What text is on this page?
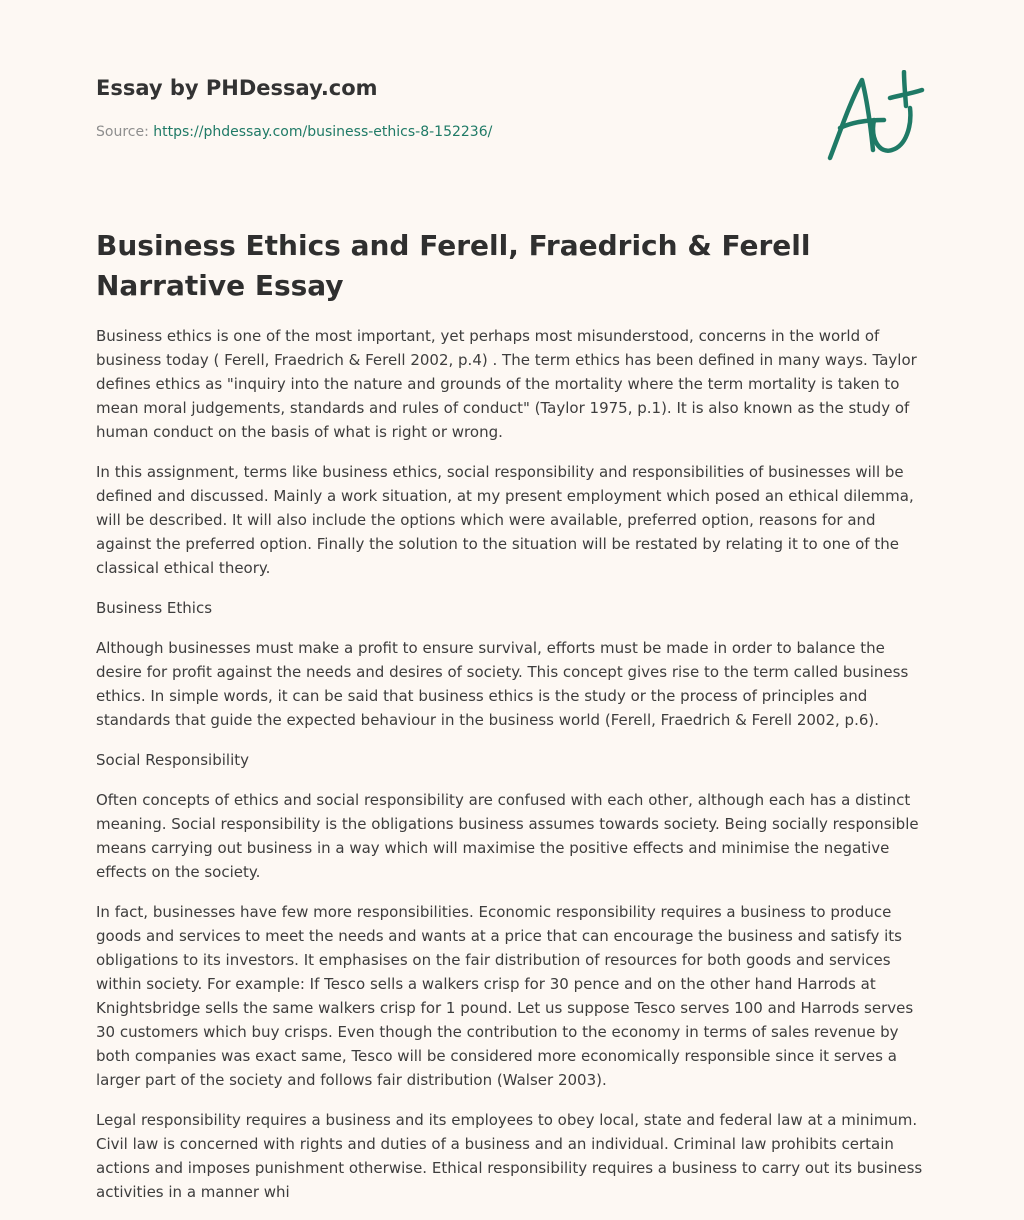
Essay by PHDessay.com
Source: https://phdessay.com/business-ethics-8-152236/
Business Ethics and Ferell, Fraedrich & Ferell Narrative Essay

Business ethics is one of the most important, yet perhaps most misunderstood, concerns in the world of business today ( Ferell, Fraedrich & Ferell 2002, p.4) . The term ethics has been defined in many ways. Taylor defines ethics as "inquiry into the nature and grounds of the mortality where the term mortality is taken to mean moral judgements, standards and rules of conduct" (Taylor 1975, p.1). It is also known as the study of human conduct on the basis of what is right or wrong.

In this assignment, terms like business ethics, social responsibility and responsibilities of businesses will be defined and discussed. Mainly a work situation, at my present employment which posed an ethical dilemma, will be described. It will also include the options which were available, preferred option, reasons for and against the preferred option. Finally the solution to the situation will be restated by relating it to one of the classical ethical theory.

Business Ethics

Although businesses must make a profit to ensure survival, efforts must be made in order to balance the desire for profit against the needs and desires of society. This concept gives rise to the term called business ethics. In simple words, it can be said that business ethics is the study or the process of principles and standards that guide the expected behaviour in the business world (Ferell, Fraedrich & Ferell 2002, p.6).

Social Responsibility

Often concepts of ethics and social responsibility are confused with each other, although each has a distinct meaning. Social responsibility is the obligations business assumes towards society. Being socially responsible means carrying out business in a way which will maximise the positive effects and minimise the negative effects on the society.

In fact, businesses have few more responsibilities. Economic responsibility requires a business to produce goods and services to meet the needs and wants at a price that can encourage the business and satisfy its obligations to its investors. It emphasises on the fair distribution of resources for both goods and services within society. For example: If Tesco sells a walkers crisp for 30 pence and on the other hand Harrods at Knightsbridge sells the same walkers crisp for 1 pound. Let us suppose Tesco serves 100 and Harrods serves 30 customers which buy crisps. Even though the contribution to the economy in terms of sales revenue by both companies was exact same, Tesco will be considered more economically responsible since it serves a larger part of the society and follows fair distribution (Walser 2003).

Legal responsibility requires a business and its employees to obey local, state and federal law at a minimum. Civil law is concerned with rights and duties of a business and an individual. Criminal law prohibits certain actions and imposes punishment otherwise. Ethical responsibility requires a business to carry out its business activities in a manner whi
